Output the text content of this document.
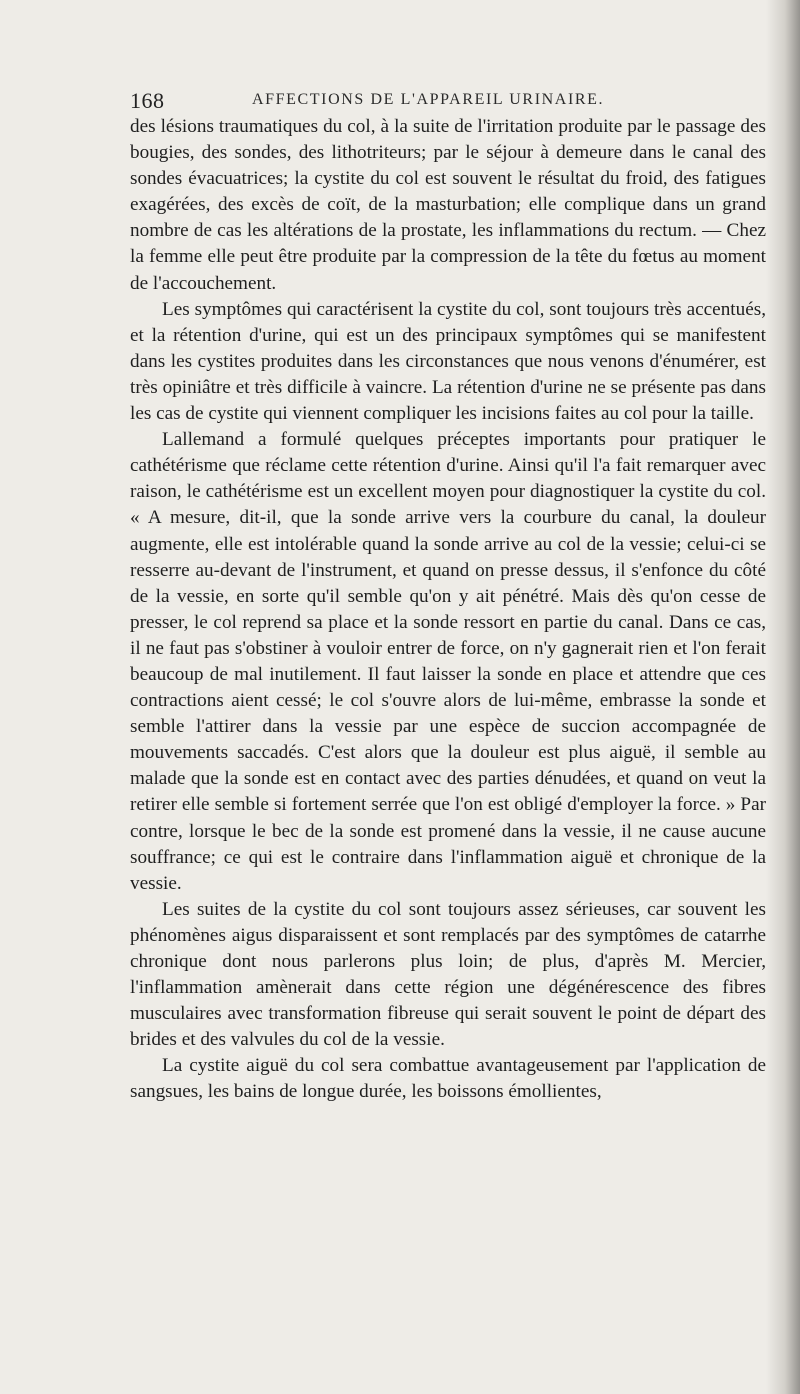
168	AFFECTIONS DE L'APPAREIL URINAIRE.

des lésions traumatiques du col, à la suite de l'irritation produite par le passage des bougies, des sondes, des lithotriteurs; par le séjour à demeure dans le canal des sondes évacuatrices; la cystite du col est souvent le résultat du froid, des fatigues exagérées, des excès de coït, de la masturbation; elle complique dans un grand nombre de cas les altérations de la prostate, les inflammations du rectum. — Chez la femme elle peut être produite par la compression de la tête du fœtus au moment de l'accouchement.

Les symptômes qui caractérisent la cystite du col, sont toujours très accentués, et la rétention d'urine, qui est un des principaux symptômes qui se manifestent dans les cystites produites dans les circonstances que nous venons d'énumérer, est très opiniâtre et très difficile à vaincre. La rétention d'urine ne se présente pas dans les cas de cystite qui viennent compliquer les incisions faites au col pour la taille.

Lallemand a formulé quelques préceptes importants pour pratiquer le cathétérisme que réclame cette rétention d'urine. Ainsi qu'il l'a fait remarquer avec raison, le cathétérisme est un excellent moyen pour diagnostiquer la cystite du col. « A mesure, dit-il, que la sonde arrive vers la courbure du canal, la douleur augmente, elle est intolérable quand la sonde arrive au col de la vessie; celui-ci se resserre au-devant de l'instrument, et quand on presse dessus, il s'enfonce du côté de la vessie, en sorte qu'il semble qu'on y ait pénétré. Mais dès qu'on cesse de presser, le col reprend sa place et la sonde ressort en partie du canal. Dans ce cas, il ne faut pas s'obstiner à vouloir entrer de force, on n'y gagnerait rien et l'on ferait beaucoup de mal inutilement. Il faut laisser la sonde en place et attendre que ces contractions aient cessé; le col s'ouvre alors de lui-même, embrasse la sonde et semble l'attirer dans la vessie par une espèce de succion accompagnée de mouvements saccadés. C'est alors que la douleur est plus aiguë, il semble au malade que la sonde est en contact avec des parties dénudées, et quand on veut la retirer elle semble si fortement serrée que l'on est obligé d'employer la force. » Par contre, lorsque le bec de la sonde est promené dans la vessie, il ne cause aucune souffrance; ce qui est le contraire dans l'inflammation aiguë et chronique de la vessie.

Les suites de la cystite du col sont toujours assez sérieuses, car souvent les phénomènes aigus disparaissent et sont remplacés par des symptômes de catarrhe chronique dont nous parlerons plus loin; de plus, d'après M. Mercier, l'inflammation amènerait dans cette région une dégénérescence des fibres musculaires avec transformation fibreuse qui serait souvent le point de départ des brides et des valvules du col de la vessie.

La cystite aiguë du col sera combattue avantageusement par l'application de sangsues, les bains de longue durée, les boissons émollientes,
